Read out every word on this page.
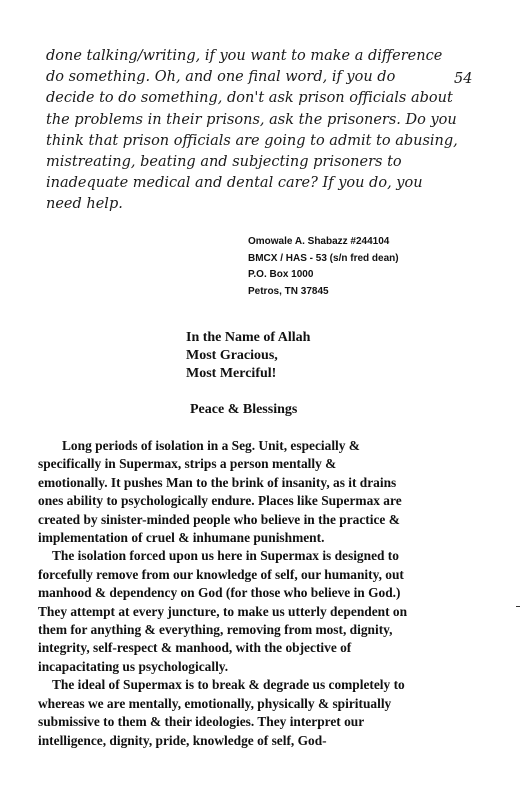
done talking/writing, if you want to make a difference
do something. Oh, and one final word, if you do
decide to do something, don't ask prison officials about
the problems in their prisons, ask the prisoners. Do you
think that prison officials are going to admit to abusing,
mistreating, beating and subjecting prisoners to
inadequate medical and dental care? If you do, you
need help.
54
Omowale A. Shabazz #244104
BMCX / HAS - 53 (s/n fred dean)
P.O. Box 1000
Petros, TN 37845
In the Name of Allah
Most Gracious,
Most Merciful!
Peace & Blessings
Long periods of isolation in a Seg. Unit, especially &
specifically in Supermax, strips a person mentally &
emotionally. It pushes Man to the brink of insanity, as it drains
ones ability to psychologically endure. Places like Supermax are
created by sinister-minded people who believe in the practice &
implementation of cruel & inhumane punishment.
The isolation forced upon us here in Supermax is designed to
forcefully remove from our knowledge of self, our humanity, out
manhood & dependency on God (for those who believe in God.)
They attempt at every juncture, to make us utterly dependent on
them for anything & everything, removing from most, dignity,
integrity, self-respect & manhood, with the objective of
incapacitating us psychologically.
The ideal of Supermax is to break & degrade us completely to
whereas we are mentally, emotionally, physically & spiritually
submissive to them & their ideologies. They interpret our
intelligence, dignity, pride, knowledge of self, God-
